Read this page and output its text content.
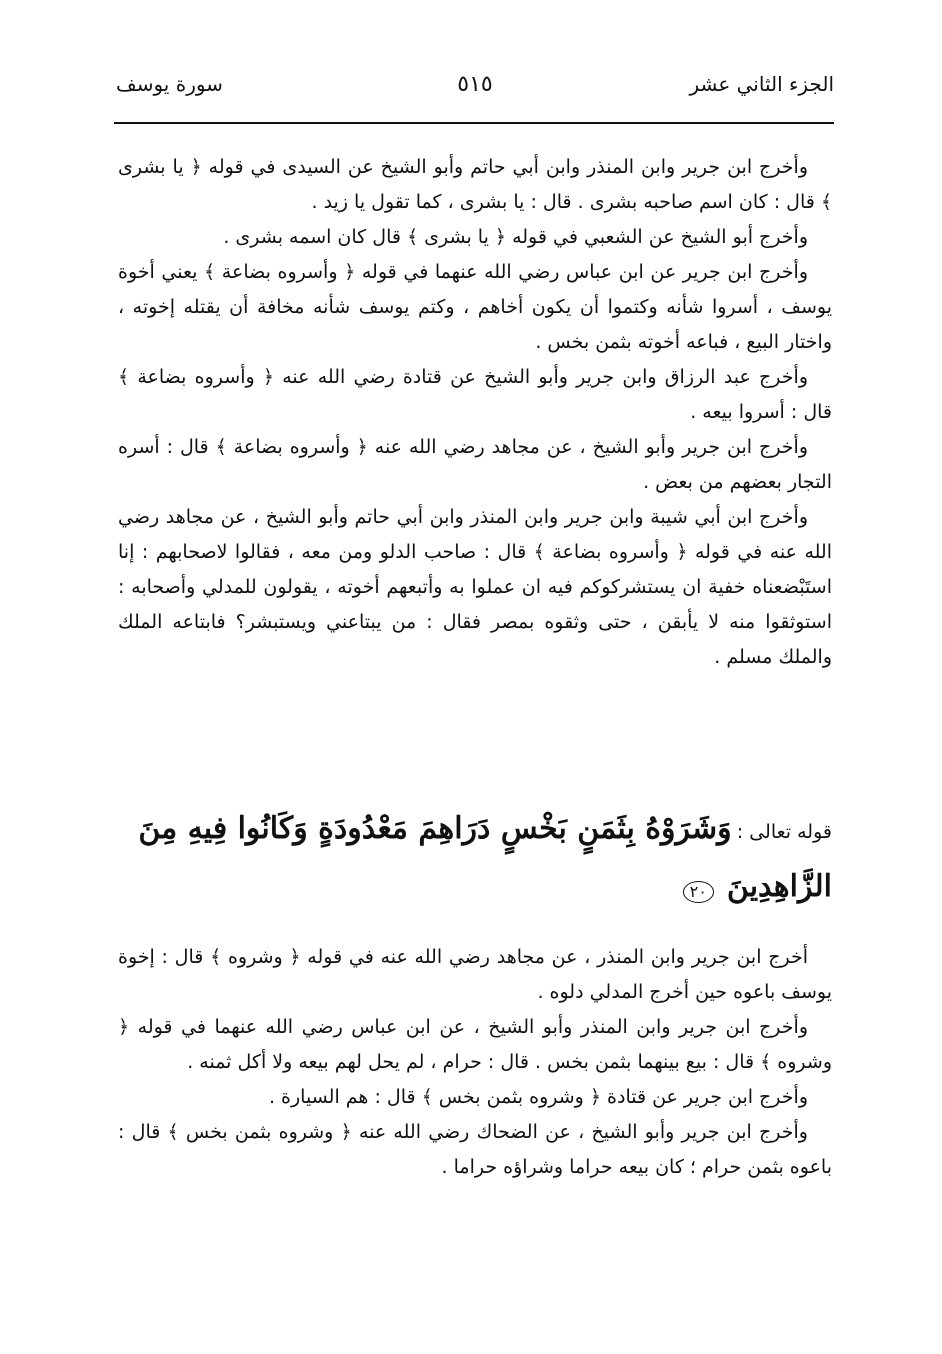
الجزء الثاني عشر
٥١٥
سورة يوسف

وأخرج ابن جرير وابن المنذر وابن أبي حاتم وأبو الشيخ عن السيدى في قوله ﴿ يا بشرى ﴾ قال : كان اسم صاحبه بشرى . قال : يا بشرى ، كما تقول يا زيد .

وأخرج أبو الشيخ عن الشعبي في قوله ﴿ يا بشرى ﴾ قال كان اسمه بشرى .

وأخرج ابن جرير عن ابن عباس رضي الله عنهما في قوله ﴿ وأسروه بضاعة ﴾ يعني أخوة يوسف ، أسروا شأنه وكتموا أن يكون أخاهم ، وكتم يوسف شأنه مخافة أن يقتله إخوته ، واختار البيع ، فباعه أخوته بثمن بخس .

وأخرج عبد الرزاق وابن جرير وأبو الشيخ عن قتادة رضي الله عنه ﴿ وأسروه بضاعة ﴾ قال : أسروا بيعه .

وأخرج ابن جرير وأبو الشيخ ، عن مجاهد رضي الله عنه ﴿ وأسروه بضاعة ﴾ قال : أسره التجار بعضهم من بعض .

وأخرج ابن أبي شيبة وابن جرير وابن المنذر وابن أبي حاتم وأبو الشيخ ، عن مجاهد رضي الله عنه في قوله ﴿ وأسروه بضاعة ﴾ قال : صاحب الدلو ومن معه ، فقالوا لاصحابهم : إنا استَبْضعناه خفية ان يستشركوكم فيه ان عملوا به وأتبعهم أخوته ، يقولون للمدلي وأصحابه : استوثقوا منه لا يأبقن ، حتى وثقوه بمصر فقال : من يبتاعني ويستبشر؟ فابتاعه الملك والملك مسلم .

قوله تعالى : وَشَرَوْهُ بِثَمَنٍ بَخْسٍ دَرَاهِمَ مَعْدُودَةٍ وَكَانُوا فِيهِ مِنَ الزَّاهِدِينَ ٢٠

أخرج ابن جرير وابن المنذر ، عن مجاهد رضي الله عنه في قوله ﴿ وشروه ﴾ قال : إخوة يوسف باعوه حين أخرج المدلي دلوه .

وأخرج ابن جرير وابن المنذر وأبو الشيخ ، عن ابن عباس رضي الله عنهما في قوله ﴿ وشروه ﴾ قال : بيع بينهما بثمن بخس . قال : حرام ، لم يحل لهم بيعه ولا أكل ثمنه .

وأخرج ابن جرير عن قتادة ﴿ وشروه بثمن بخس ﴾ قال : هم السيارة .

وأخرج ابن جرير وأبو الشيخ ، عن الضحاك رضي الله عنه ﴿ وشروه بثمن بخس ﴾ قال : باعوه بثمن حرام ؛ كان بيعه حراما وشراؤه حراما .
